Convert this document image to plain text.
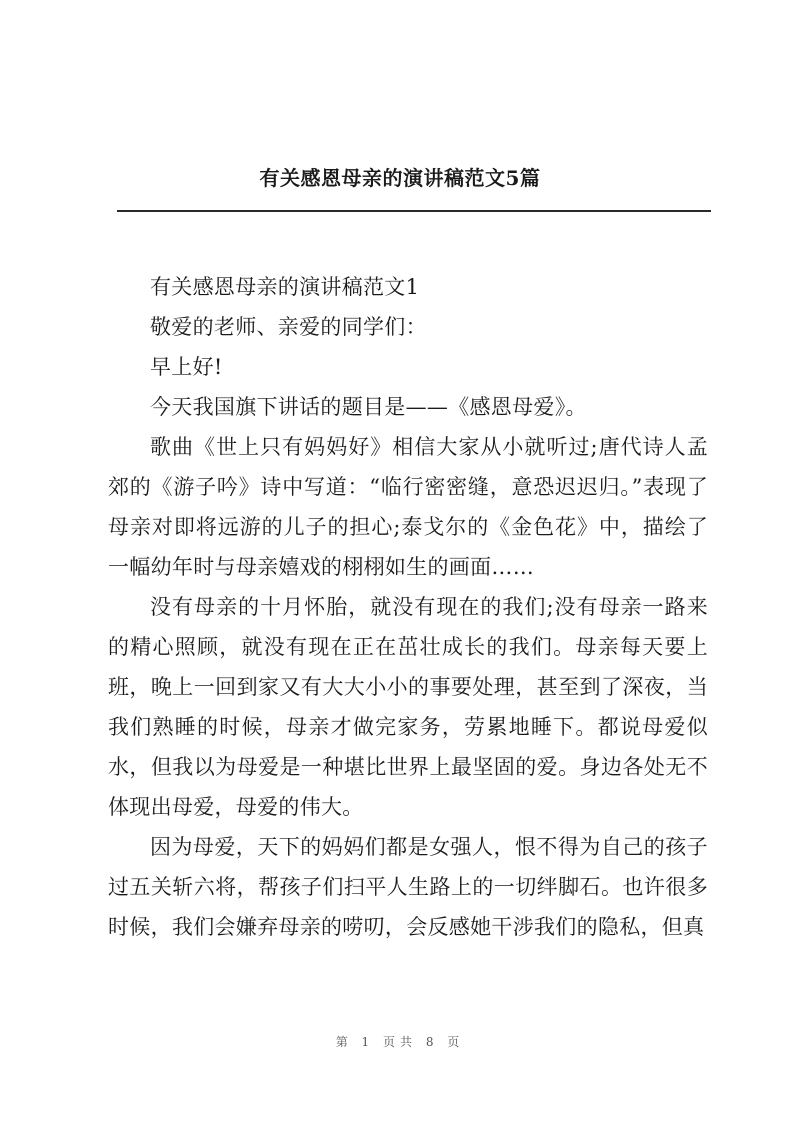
有关感恩母亲的演讲稿范文5篇

有关感恩母亲的演讲稿范文1

敬爱的老师、亲爱的同学们：

早上好!

今天我国旗下讲话的题目是——《感恩母爱》。

歌曲《世上只有妈妈好》相信大家从小就听过;唐代诗人孟郊的《游子吟》诗中写道：“临行密密缝，意恐迟迟归。”表现了母亲对即将远游的儿子的担心;泰戈尔的《金色花》中，描绘了一幅幼年时与母亲嬉戏的栩栩如生的画面……

没有母亲的十月怀胎，就没有现在的我们;没有母亲一路来的精心照顾，就没有现在正在茁壮成长的我们。母亲每天要上班，晚上一回到家又有大大小小的事要处理，甚至到了深夜，当我们熟睡的时候，母亲才做完家务，劳累地睡下。都说母爱似水，但我以为母爱是一种堪比世界上最坚固的爱。身边各处无不体现出母爱，母爱的伟大。

因为母爱，天下的妈妈们都是女强人，恨不得为自己的孩子过五关斩六将，帮孩子们扫平人生路上的一切绊脚石。也许很多时候，我们会嫌弃母亲的唠叨，会反感她干涉我们的隐私，但真

第 1 页共 8 页
